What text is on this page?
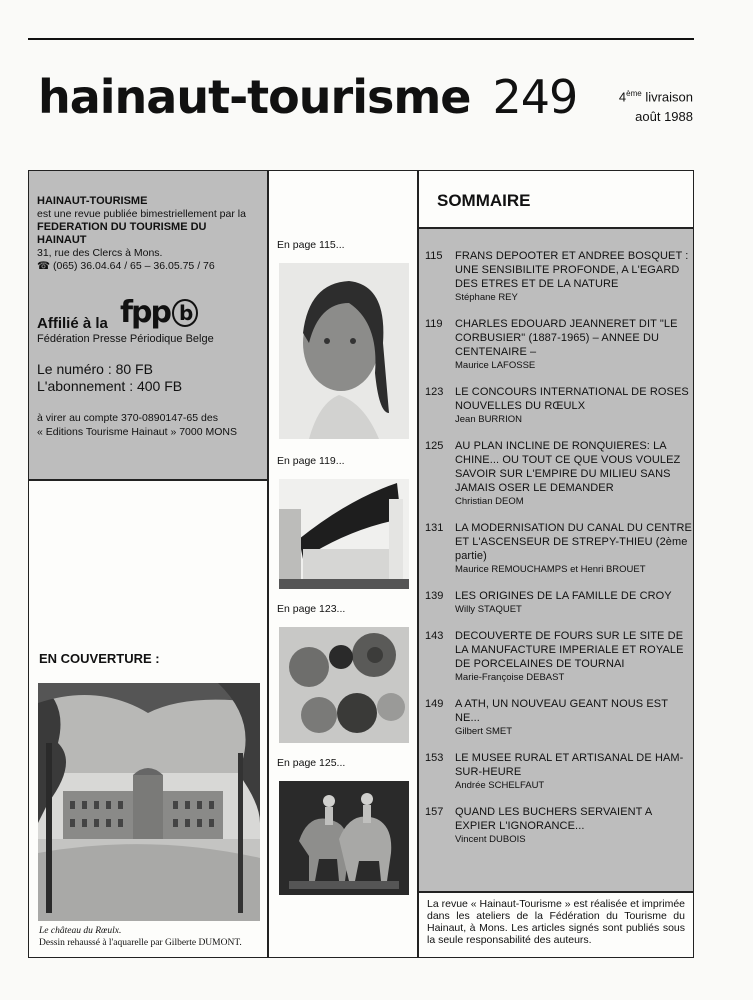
hainaut-tourisme 249	4ème livraison
août 1988
HAINAUT-TOURISME
est une revue publiée bimestriellement par la
FEDERATION DU TOURISME DU HAINAUT
31, rue des Clercs à Mons.
☎ (065) 36.04.64 / 65 – 36.05.75 / 76
Affilié à la fpp b
Fédération Presse Périodique Belge
Le numéro : 80 FB
L'abonnement : 400 FB
à virer au compte 370-0890147-65 des
« Editions Tourisme Hainaut » 7000 MONS
EN COUVERTURE :
Le château du Rœulx.
Dessin rehaussé à l'aquarelle par Gilberte DUMONT.
En page 115...
En page 119...
En page 123...
En page 125...
SOMMAIRE
115 FRANS DEPOOTER ET ANDREE BOSQUET : UNE SENSIBILITE PROFONDE, A L'EGARD DES ETRES ET DE LA NATURE
Stéphane REY
119 CHARLES EDOUARD JEANNERET DIT "LE CORBUSIER" (1887-1965) – ANNEE DU CENTENAIRE –
Maurice LAFOSSE
123 LE CONCOURS INTERNATIONAL DE ROSES NOUVELLES DU RŒULX
Jean BURRION
125 AU PLAN INCLINE DE RONQUIERES: LA CHINE... OU TOUT CE QUE VOUS VOULEZ SAVOIR SUR L'EMPIRE DU MILIEU SANS JAMAIS OSER LE DEMANDER
Christian DEOM
131 LA MODERNISATION DU CANAL DU CENTRE ET L'ASCENSEUR DE STREPY-THIEU (2ème partie)
Maurice REMOUCHAMPS et Henri BROUET
139 LES ORIGINES DE LA FAMILLE DE CROY
Willy STAQUET
143 DECOUVERTE DE FOURS SUR LE SITE DE LA MANUFACTURE IMPERIALE ET ROYALE DE PORCELAINES DE TOURNAI
Marie-Françoise DEBAST
149 A ATH, UN NOUVEAU GEANT NOUS EST NE...
Gilbert SMET
153 LE MUSEE RURAL ET ARTISANAL DE HAM-SUR-HEURE
Andrée SCHELFAUT
157 QUAND LES BUCHERS SERVAIENT A EXPIER L'IGNORANCE...
Vincent DUBOIS
La revue « Hainaut-Tourisme » est réalisée et imprimée dans les ateliers de la Fédération du Tourisme du Hainaut, à Mons. Les articles signés sont publiés sous la seule responsabilité des auteurs.
